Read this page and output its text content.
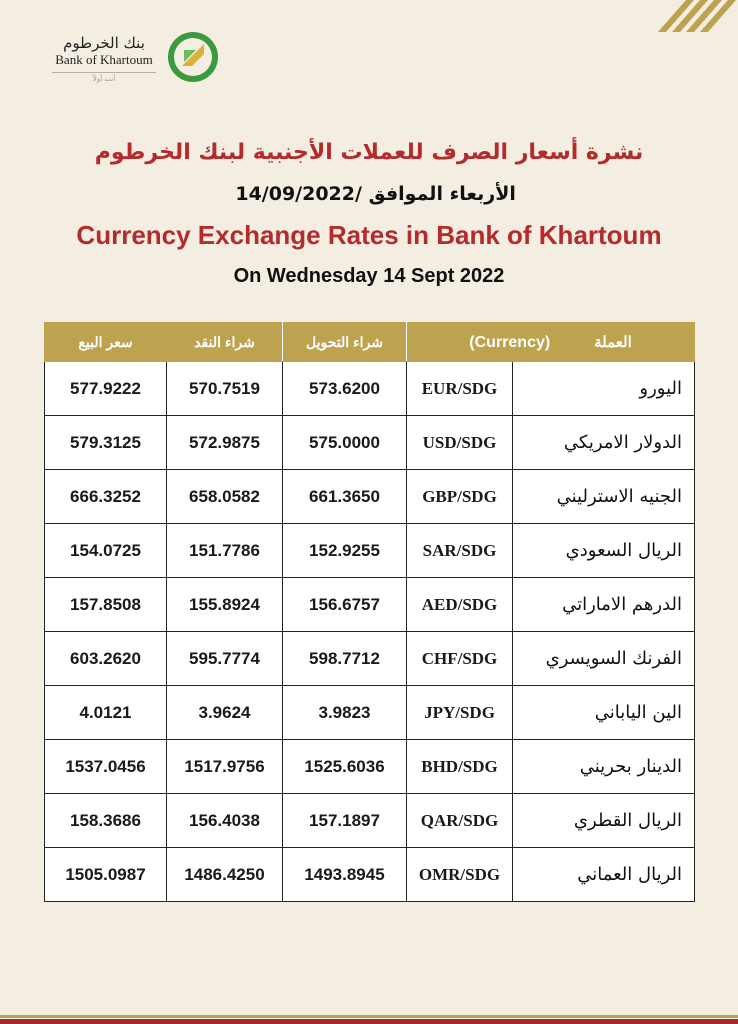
بنك الخرطوم
Bank of Khartoum
أنت أولاً
نشرة أسعار الصرف للعملات الأجنبية لبنك الخرطوم
الأربعاء الموافق   14/09/2022/
Currency Exchange Rates in Bank of Khartoum
On Wednesday 14 Sept 2022
سعر البيع	شراء النقد	شراء التحويل	(Currency) العملة	
577.9222	570.7519	573.6200	EUR/SDG	اليورو
579.3125	572.9875	575.0000	USD/SDG	الدولار الامريكي
666.3252	658.0582	661.3650	GBP/SDG	الجنيه الاسترليني
154.0725	151.7786	152.9255	SAR/SDG	الريال السعودي
157.8508	155.8924	156.6757	AED/SDG	الدرهم الاماراتي
603.2620	595.7774	598.7712	CHF/SDG	الفرنك السويسري
4.0121	3.9624	3.9823	JPY/SDG	الين الياباني
1537.0456	1517.9756	1525.6036	BHD/SDG	الدينار بحريني
158.3686	156.4038	157.1897	QAR/SDG	الريال القطري
1505.0987	1486.4250	1493.8945	OMR/SDG	الريال العماني
